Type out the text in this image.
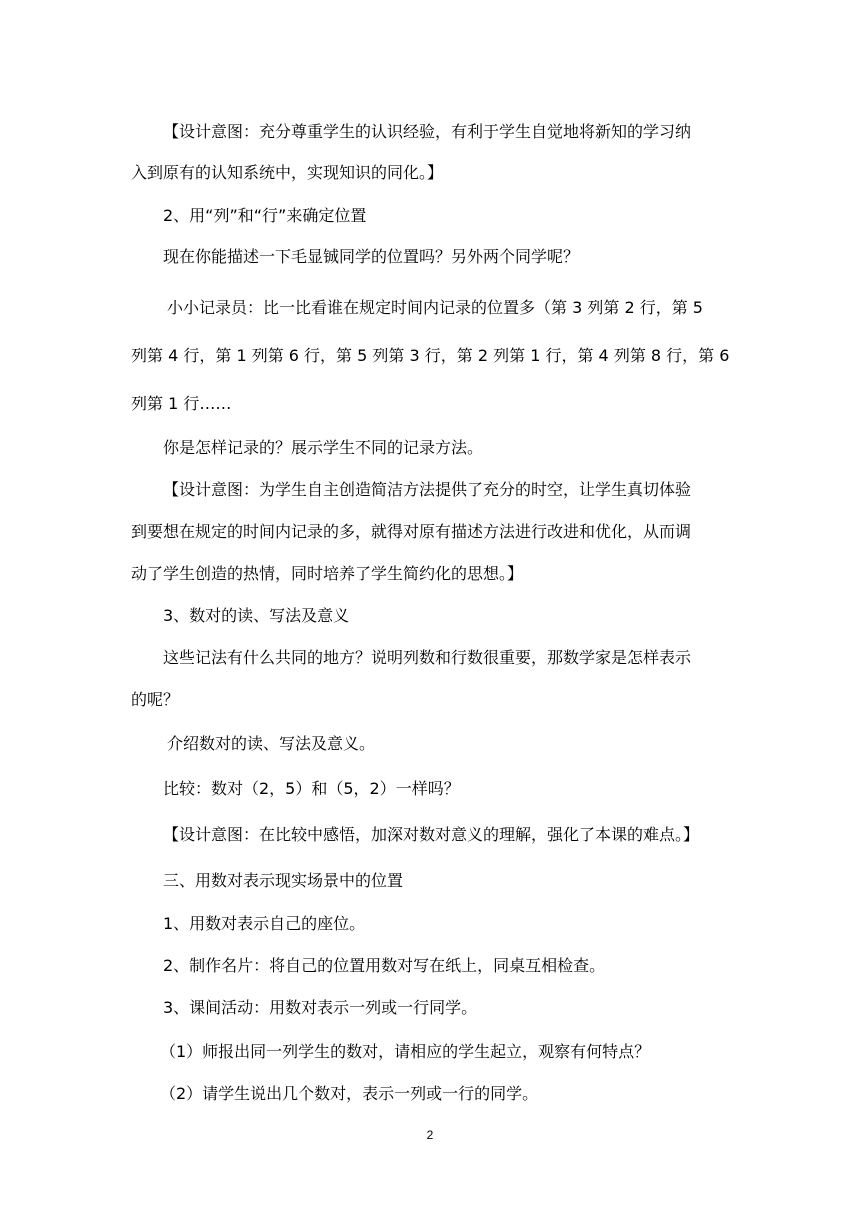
【设计意图：充分尊重学生的认识经验，有利于学生自觉地将新知的学习纳
入到原有的认知系统中，实现知识的同化。】
2、用“列”和“行”来确定位置
现在你能描述一下毛显铖同学的位置吗？另外两个同学呢？
小小记录员：比一比看谁在规定时间内记录的位置多（第 3 列第 2 行，第 5
列第 4 行，第 1 列第 6 行，第 5 列第 3 行，第 2 列第 1 行，第 4 列第 8 行，第 6
列第 1 行……
你是怎样记录的？展示学生不同的记录方法。
【设计意图：为学生自主创造简洁方法提供了充分的时空，让学生真切体验
到要想在规定的时间内记录的多，就得对原有描述方法进行改进和优化，从而调
动了学生创造的热情，同时培养了学生简约化的思想。】
3、数对的读、写法及意义
这些记法有什么共同的地方？说明列数和行数很重要，那数学家是怎样表示
的呢？
介绍数对的读、写法及意义。
比较：数对（2，5）和（5，2）一样吗？
【设计意图：在比较中感悟，加深对数对意义的理解，强化了本课的难点。】
三、用数对表示现实场景中的位置
1、用数对表示自己的座位。
2、制作名片：将自己的位置用数对写在纸上，同桌互相检查。
3、课间活动：用数对表示一列或一行同学。
（1）师报出同一列学生的数对，请相应的学生起立，观察有何特点？
（2）请学生说出几个数对，表示一列或一行的同学。
2
